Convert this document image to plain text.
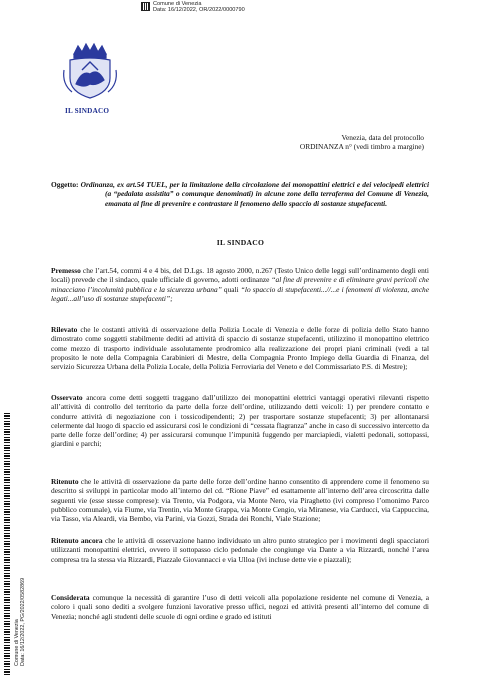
Comune di Venezia
Data: 16/12/2022, OR/2022/0000790
IL SINDACO
Venezia, data del protocollo
ORDINANZA n° (vedi timbro a margine)
Oggetto: Ordinanza, ex art.54 TUEL, per la limitazione della circolazione dei monopattini elettrici e dei velocipedi elettrici (a “pedalata assistita” o comunque denominati) in alcune zone della terraferma del Comune di Venezia, emanata al fine di prevenire e contrastare il fenomeno dello spaccio di sostanze stupefacenti.
IL SINDACO
Premesso che l’art.54, commi 4 e 4 bis, del D.Lgs. 18 agosto 2000, n.267 (Testo Unico delle leggi sull’ordinamento degli enti locali) prevede che il sindaco, quale ufficiale di governo, adotti ordinanze “al fine di prevenire e di eliminare gravi pericoli che minacciano l’incolumità pubblica e la sicurezza urbana” quali “lo spaccio di stupefacenti...//...e i fenomeni di violenza, anche legati...all’uso di sostanze stupefacenti”;
Rilevato che le costanti attività di osservazione della Polizia Locale di Venezia e delle forze di polizia dello Stato hanno dimostrato come soggetti stabilmente dediti ad attività di spaccio di sostanze stupefacenti, utilizzino il monopattino elettrico come mezzo di trasporto individuale assolutamente prodromico alla realizzazione dei propri piani criminali (vedi a tal proposito le note della Compagnia Carabinieri di Mestre, della Compagnia Pronto Impiego della Guardia di Finanza, del servizio Sicurezza Urbana della Polizia Locale, della Polizia Ferroviaria del Veneto e del Commissariato P.S. di Mestre);
Osservato ancora come detti soggetti traggano dall’utilizzo dei monopattini elettrici vantaggi operativi rilevanti rispetto all’attività di controllo del territorio da parte della forze dell’ordine, utilizzando detti veicoli: 1) per prendere contatto e condurre attività di negoziazione con i tossicodipendenti; 2) per trasportare sostanze stupefacenti; 3) per allontanarsi celermente dal luogo di spaccio ed assicurarsi così le condizioni di “cessata flagranza” anche in caso di successivo intercetto da parte delle forze dell’ordine; 4) per assicurarsi comunque l’impunità fuggendo per marciapiedi, vialetti pedonali, sottopassi, giardini e parchi;
Ritenuto che le attività di osservazione da parte delle forze dell’ordine hanno consentito di apprendere come il fenomeno su descritto si sviluppi in particolar modo all’interno del cd. “Rione Piave” ed esattamente all’interno dell’area circoscritta dalle seguenti vie (esse stesse comprese): via Trento, via Podgora, via Monte Nero, via Piraghetto (ivi compreso l’omonimo Parco pubblico comunale), via Fiume, via Trentin, via Monte Grappa, via Monte Cengio, via Miranese, via Carducci, via Cappuccina, via Tasso, via Aleardi, via Bembo, via Parini, via Gozzi, Strada dei Ronchi, Viale Stazione;
Ritenuto ancora che le attività di osservazione hanno individuato un altro punto strategico per i movimenti degli spacciatori utilizzanti monopattini elettrici, ovvero il sottopasso ciclo pedonale che congiunge via Dante a via Rizzardi, nonché l’area compresa tra la stessa via Rizzardi, Piazzale Giovannacci e via Ulloa (ivi incluse dette vie e piazzali);
Considerata comunque la necessità di garantire l’uso di detti veicoli alla popolazione residente nel comune di Venezia, a coloro i quali sono dediti a svolgere funzioni lavorative presso uffici, negozi ed attività presenti all’interno del comune di Venezia; nonché agli studenti delle scuole di ogni ordine e grado ed istituti
Comune di Venezia Data: 16/12/2022, PG/2022/0582869
